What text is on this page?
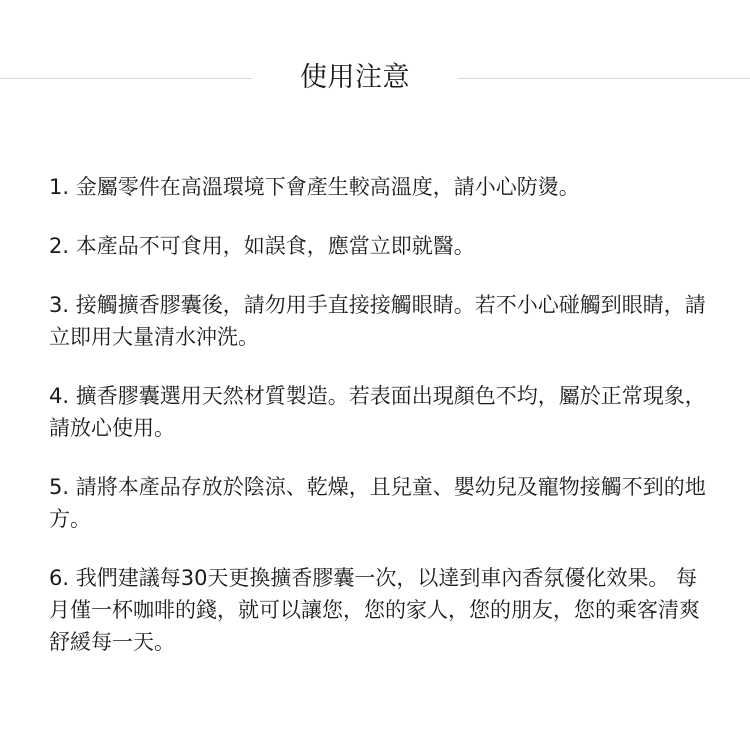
使用注意
1. 金屬零件在高溫環境下會產生較高溫度，請小心防燙。
2. 本產品不可食用，如誤食，應當立即就醫。
3. 接觸擴香膠囊後，請勿用手直接接觸眼睛。若不小心碰觸到眼睛，請立即用大量清水沖洗。
4. 擴香膠囊選用天然材質製造。若表面出現顏色不均，屬於正常現象，請放心使用。
5. 請將本產品存放於陰涼、乾燥，且兒童、嬰幼兒及寵物接觸不到的地方。
6. 我們建議每30天更換擴香膠囊一次，以達到車內香氛優化效果。 每月僅一杯咖啡的錢，就可以讓您，您的家人，您的朋友，您的乘客清爽舒緩每一天。
